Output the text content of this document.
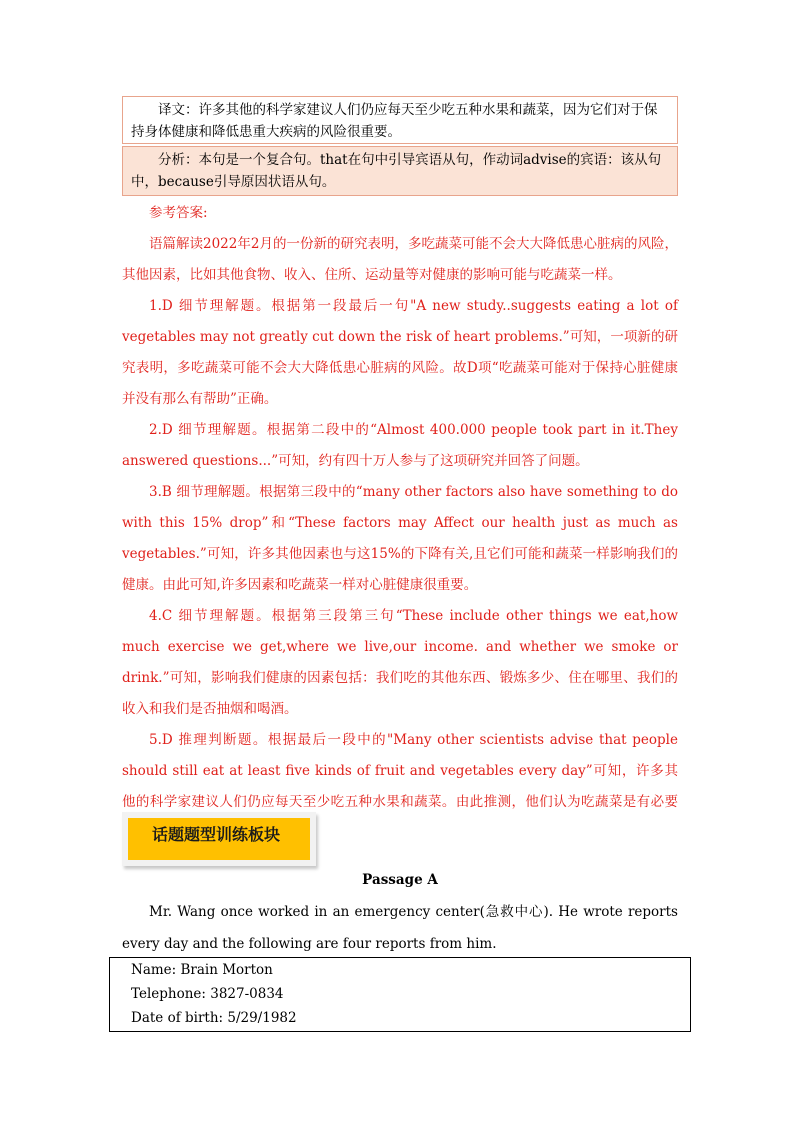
译文：许多其他的科学家建议人们仍应每天至少吃五种水果和蔬菜，因为它们对于保持身体健康和降低患重大疾病的风险很重要。

分析：本句是一个复合句。that在句中引导宾语从句，作动词advise的宾语：该从句中，because引导原因状语从句。

参考答案:

语篇解读2022年2月的一份新的研究表明，多吃蔬菜可能不会大大降低患心脏病的风险，其他因素，比如其他食物、收入、住所、运动量等对健康的影响可能与吃蔬菜一样。

1.D 细节理解题。根据第一段最后一句"A new study..suggests eating a lot of vegetables may not greatly cut down the risk of heart problems.”可知，一项新的研究表明，多吃蔬菜可能不会大大降低患心脏病的风险。故D项“吃蔬菜可能对于保持心脏健康并没有那么有帮助”正确。

2.D 细节理解题。根据第二段中的“Almost 400.000 people took part in it.They answered questions...”可知，约有四十万人参与了这项研究并回答了问题。

3.B 细节理解题。根据第三段中的“many other factors also have something to do with this 15% drop”和“These factors may Affect our health just as much as vegetables.”可知，许多其他因素也与这15%的下降有关,且它们可能和蔬菜一样影响我们的健康。由此可知,许多因素和吃蔬菜一样对心脏健康很重要。

4.C 细节理解题。根据第三段第三句“These include other things we eat,how much exercise we get,where we live,our income. and whether we smoke or drink.”可知，影响我们健康的因素包括：我们吃的其他东西、锻炼多少、住在哪里、我们的收入和我们是否抽烟和喝酒。

5.D 推理判断题。根据最后一段中的"Many other scientists advise that people should still eat at least five kinds of fruit and vegetables every day”可知，许多其他的科学家建议人们仍应每天至少吃五种水果和蔬菜。由此推测，他们认为吃蔬菜是有必要

话题题型训练板块
Passage A

Mr. Wang once worked in an emergency center(急救中心). He wrote reports every day and the following are four reports from him.

Name: Brain Morton
Telephone: 3827-0834
Date of birth: 5/29/1982
